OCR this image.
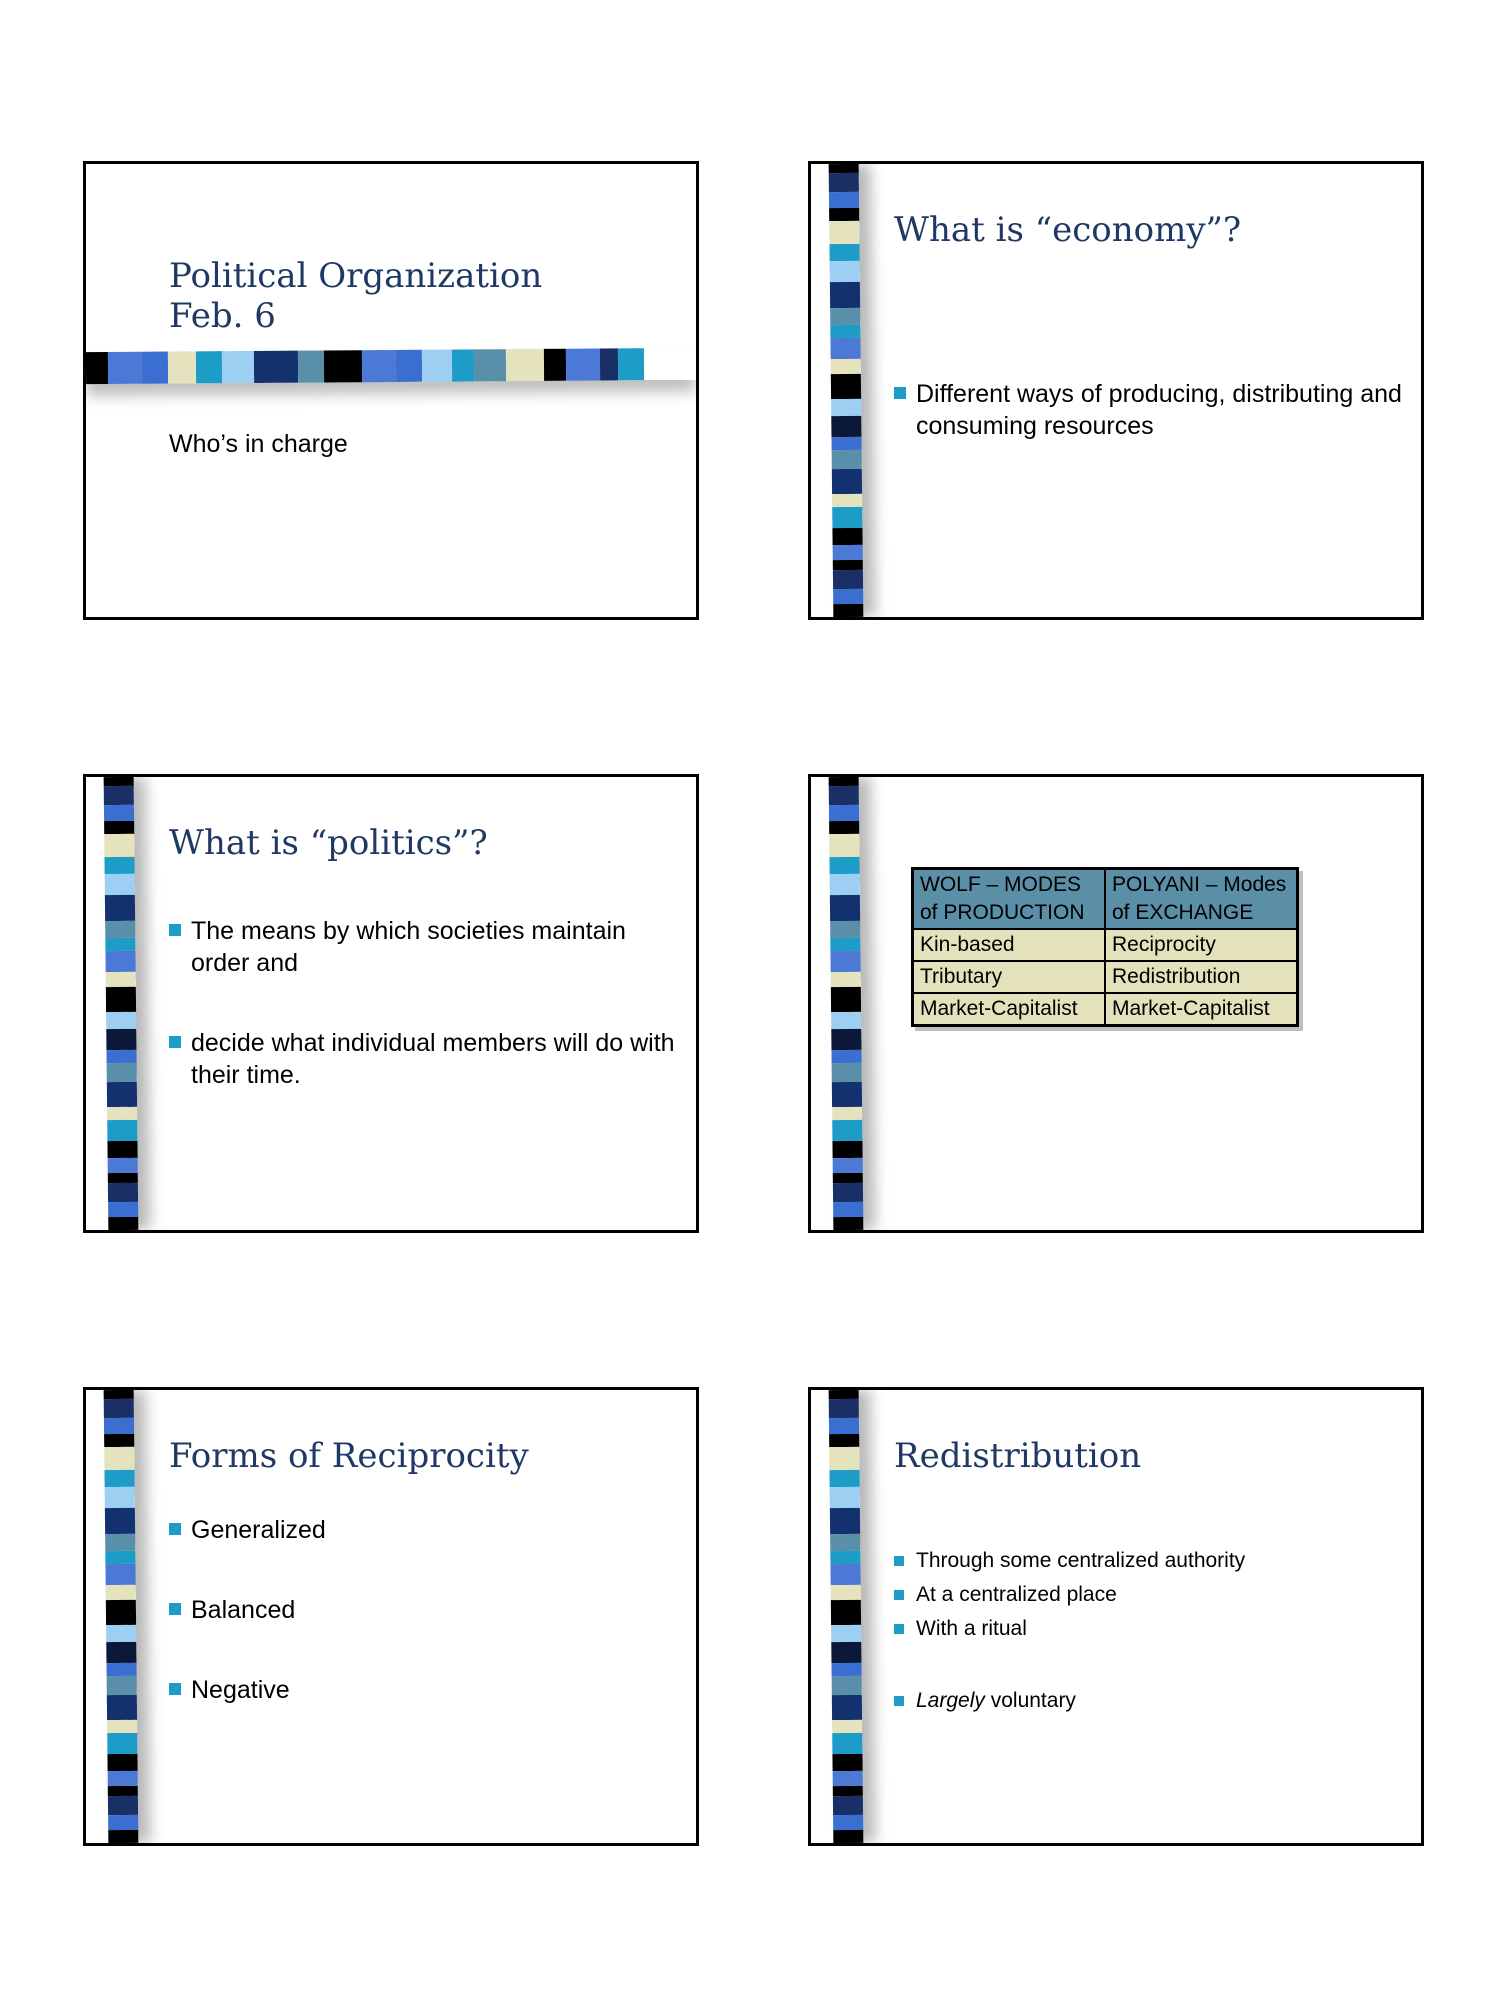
Political Organization
Feb. 6
Who’s in charge
What is “economy”?
Different ways of producing, distributing and consuming resources
What is “politics”?
The means by which societies maintain order and
decide what individual members will do with their time.
WOLF – MODES of PRODUCTION	POLYANI – Modes of EXCHANGE
Kin-based	Reciprocity
Tributary	Redistribution
Market-Capitalist	Market-Capitalist
Forms of Reciprocity
Generalized
Balanced
Negative
Redistribution
Through some centralized authority
At a centralized place
With a ritual
Largely voluntary
